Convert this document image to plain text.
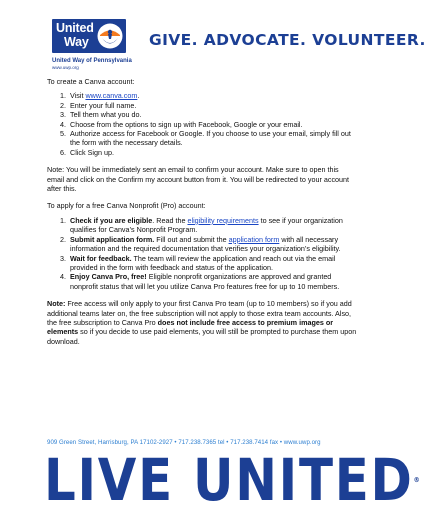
United
Way	GIVE. ADVOCATE. VOLUNTEER.
United Way of Pennsylvania
www.uwp.org

To create a Canva account:

1. Visit www.canva.com.
2. Enter your full name.
3. Tell them what you do.
4. Choose from the options to sign up with Facebook, Google or your email.
5. Authorize access for Facebook or Google. If you choose to use your email, simply fill out the form with the necessary details.
6. Click Sign up.

Note: You will be immediately sent an email to confirm your account. Make sure to open this email and click on the Confirm my account button from it. You will be redirected to your account after this.

To apply for a free Canva Nonprofit (Pro) account:

1. Check if you are eligible. Read the eligibility requirements to see if your organization qualifies for Canva’s Nonprofit Program.
2. Submit application form. Fill out and submit the application form with all necessary information and the required documentation that verifies your organization’s eligibility.
3. Wait for feedback. The team will review the application and reach out via the email provided in the form with feedback and status of the application.
4. Enjoy Canva Pro, free! Eligible nonprofit organizations are approved and granted nonprofit status that will let you utilize Canva Pro features free for up to 10 members.

Note: Free access will only apply to your first Canva Pro team (up to 10 members) so if you add additional teams later on, the free subscription will not apply to those extra team accounts. Also, the free subscription to Canva Pro does not include free access to premium images or elements so if you decide to use paid elements, you will still be prompted to purchase them upon download.

909 Green Street, Harrisburg, PA 17102-2927 • 717.238.7365 tel • 717.238.7414 fax • www.uwp.org
LIVE UNITED®
